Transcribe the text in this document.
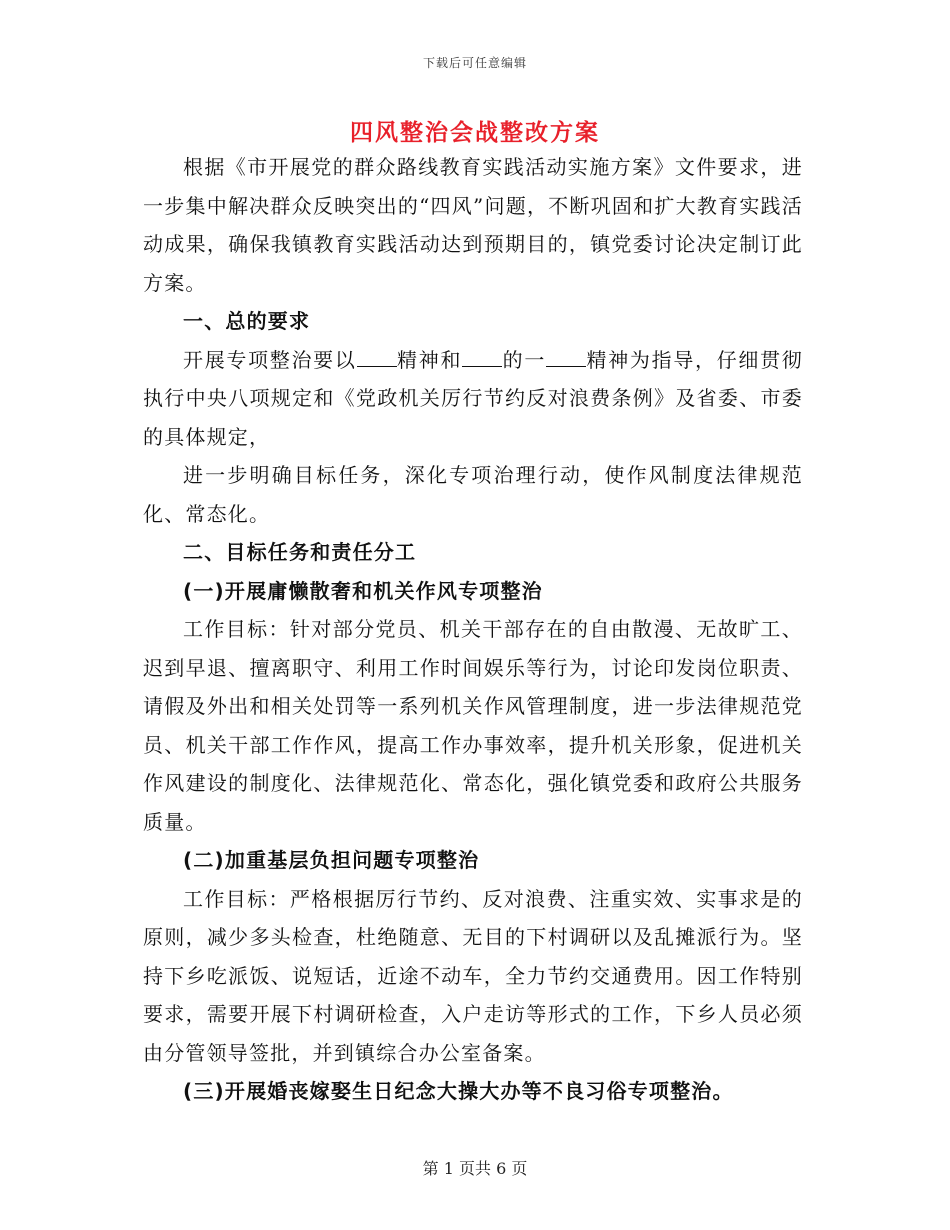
下载后可任意编辑
四风整治会战整改方案

根据《市开展党的群众路线教育实践活动实施方案》文件要求，进一步集中解决群众反映突出的“四风”问题，不断巩固和扩大教育实践活动成果，确保我镇教育实践活动达到预期目的，镇党委讨论决定制订此方案。

一、总的要求

开展专项整治要以 精神和 的一 精神为指导，仔细贯彻执行中央八项规定和《党政机关厉行节约反对浪费条例》及省委、市委的具体规定，

进一步明确目标任务，深化专项治理行动，使作风制度法律规范化、常态化。

二、目标任务和责任分工

(一)开展庸懒散奢和机关作风专项整治

工作目标：针对部分党员、机关干部存在的自由散漫、无故旷工、迟到早退、擅离职守、利用工作时间娱乐等行为，讨论印发岗位职责、请假及外出和相关处罚等一系列机关作风管理制度，进一步法律规范党员、机关干部工作作风，提高工作办事效率，提升机关形象，促进机关作风建设的制度化、法律规范化、常态化，强化镇党委和政府公共服务质量。

(二)加重基层负担问题专项整治

工作目标：严格根据厉行节约、反对浪费、注重实效、实事求是的原则，减少多头检查，杜绝随意、无目的下村调研以及乱摊派行为。坚持下乡吃派饭、说短话，近途不动车，全力节约交通费用。因工作特别要求，需要开展下村调研检查，入户走访等形式的工作，下乡人员必须由分管领导签批，并到镇综合办公室备案。

(三)开展婚丧嫁娶生日纪念大操大办等不良习俗专项整治。

第 1 页共 6 页
